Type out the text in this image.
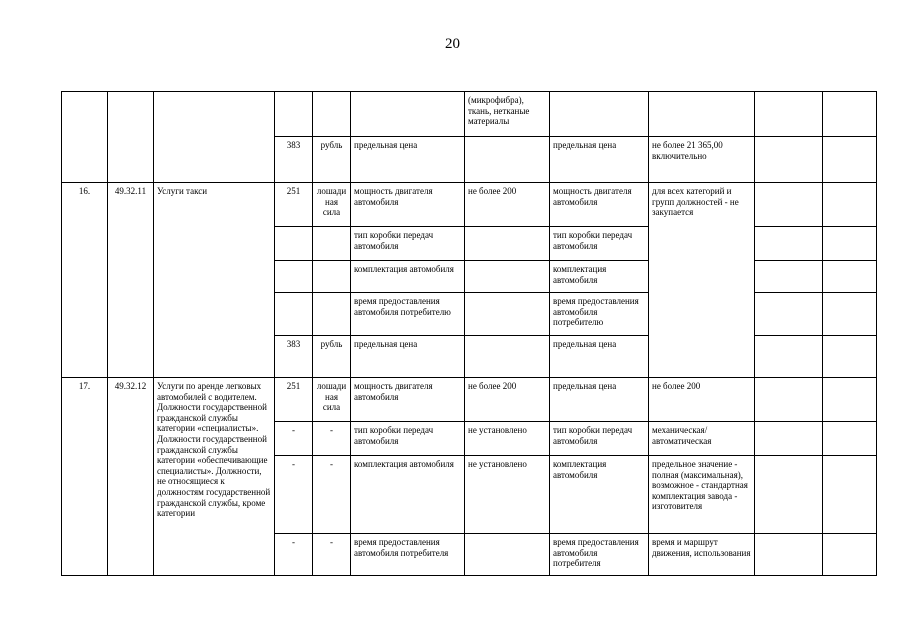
20
						(микрофибра), ткань, нетканые материалы				
			383	рубль	предельная цена		предельная цена	не более 21 365,00 включительно		
16.	49.32.11	Услуги такси	251	лошадиная сила	мощность двигателя автомобиля	не более 200	мощность двигателя автомобиля	для всех категорий и групп должностей - не закупается		
					тип коробки передач автомобиля		тип коробки передач автомобиля			
					комплектация автомобиля		комплектация автомобиля			
					время предоставления автомобиля потребителю		время предоставления автомобиля потребителю			
			383	рубль	предельная цена		предельная цена			
17.	49.32.12	Услуги по аренде легковых автомобилей с водителем. Должности государственной гражданской службы категории «специалисты». Должности государственной гражданской службы категории «обеспечивающие специалисты». Должности, не относящиеся к должностям государственной гражданской службы, кроме категории	251	лошадиная сила	мощность двигателя автомобиля	не более 200	предельная цена	не более 200		
			-	-	тип коробки передач автомобиля	не установлено	тип коробки передач автомобиля	механическая/автоматическая		
			-	-	комплектация автомобиля	не установлено	комплектация автомобиля	предельное значение - полная (максимальная), возможное - стандартная комплектация завода - изготовителя		
			-	-	время предоставления автомобиля потребителя		время предоставления автомобиля потребителя	время и маршрут движения, использования		
